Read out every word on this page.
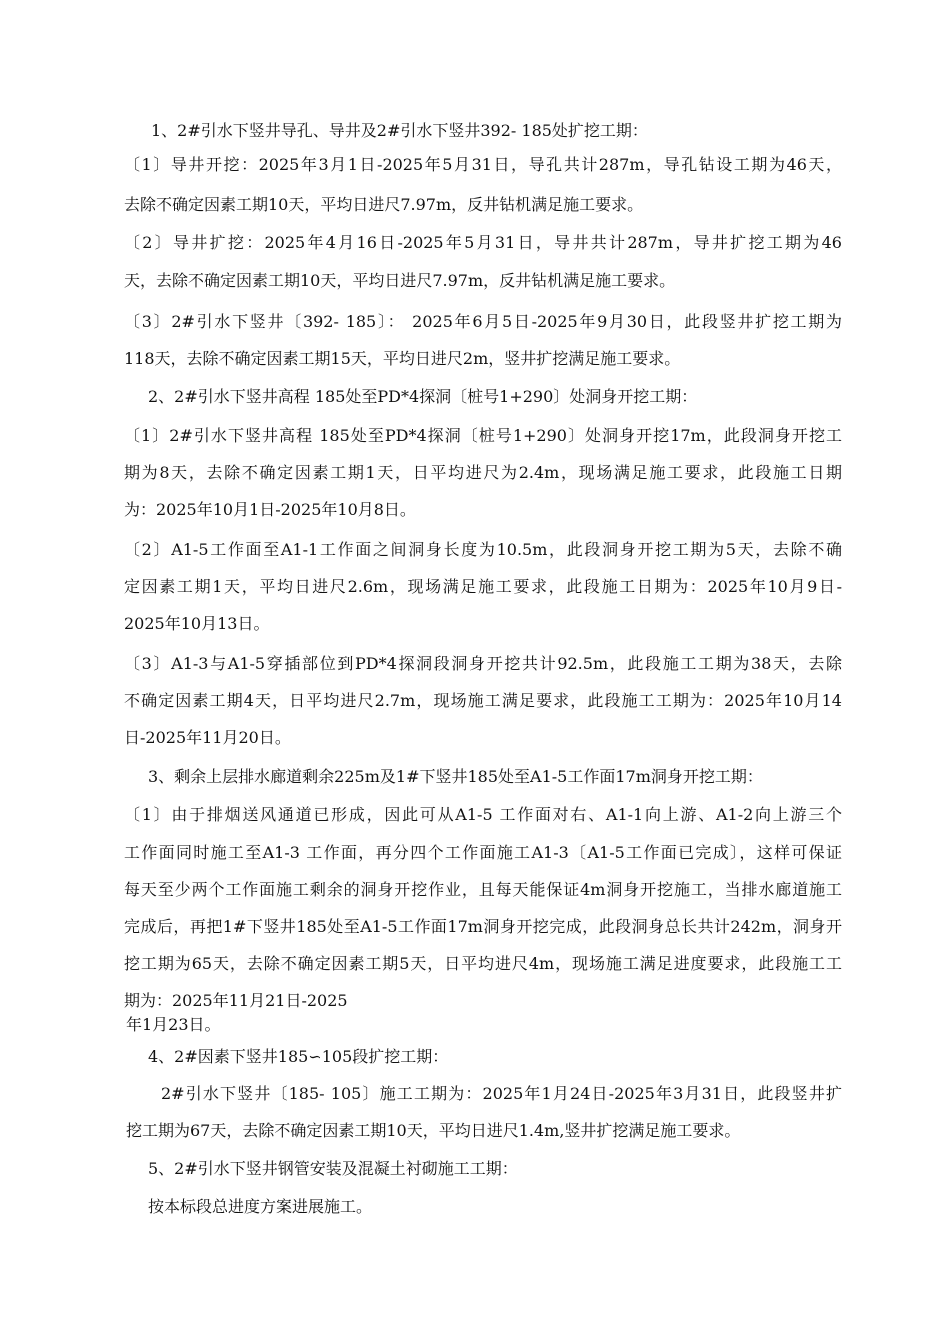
1、2#引水下竖井导孔、导井及2#引水下竖井392- 185处扩挖工期：
〔1〕导井开挖：2025年3月1日-2025年5月31日，导孔共计287m，导孔钻设工期为46天，
去除不确定因素工期10天，平均日进尺7.97m，反井钻机满足施工要求。
〔2〕导井扩挖：2025年4月16日-2025年5月31日，导井共计287m，导井扩挖工期为46
天，去除不确定因素工期10天，平均日进尺7.97m，反井钻机满足施工要求。
〔3〕2#引水下竖井〔392- 185〕： 2025年6月5日-2025年9月30日，此段竖井扩挖工期为
118天，去除不确定因素工期15天，平均日进尺2m，竖井扩挖满足施工要求。
2、2#引水下竖井高程 185处至PD*4探洞〔桩号1+290〕处洞身开挖工期：
〔1〕2#引水下竖井高程 185处至PD*4探洞〔桩号1+290〕处洞身开挖17m，此段洞身开挖工
期为8天，去除不确定因素工期1天，日平均进尺为2.4m，现场满足施工要求，此段施工日期
为：2025年10月1日-2025年10月8日。
〔2〕A1-5工作面至A1-1工作面之间洞身长度为10.5m，此段洞身开挖工期为5天，去除不确
定因素工期1天，平均日进尺2.6m，现场满足施工要求，此段施工日期为：2025年10月9日-
2025年10月13日。
〔3〕A1-3与A1-5穿插部位到PD*4探洞段洞身开挖共计92.5m，此段施工工期为38天，去除
不确定因素工期4天，日平均进尺2.7m，现场施工满足要求，此段施工工期为：2025年10月14
日-2025年11月20日。
3、剩余上层排水廊道剩余225m及1#下竖井185处至A1-5工作面17m洞身开挖工期：
〔1〕由于排烟送风通道已形成，因此可从A1-5 工作面对右、A1-1向上游、A1-2向上游三个
工作面同时施工至A1-3 工作面，再分四个工作面施工A1-3〔A1-5工作面已完成〕，这样可保证
每天至少两个工作面施工剩余的洞身开挖作业，且每天能保证4m洞身开挖施工，当排水廊道施工
完成后，再把1#下竖井185处至A1-5工作面17m洞身开挖完成，此段洞身总长共计242m，洞身开
挖工期为65天，去除不确定因素工期5天，日平均进尺4m，现场施工满足进度要求，此段施工工
期为：2025年11月21日-2025
年1月23日。
4、2#因素下竖井185∽105段扩挖工期：
2#引水下竖井〔185- 105〕施工工期为：2025年1月24日-2025年3月31日，此段竖井扩
挖工期为67天，去除不确定因素工期10天，平均日进尺1.4m,竖井扩挖满足施工要求。
5、2#引水下竖井钢管安装及混凝土衬砌施工工期：
按本标段总进度方案进展施工。
